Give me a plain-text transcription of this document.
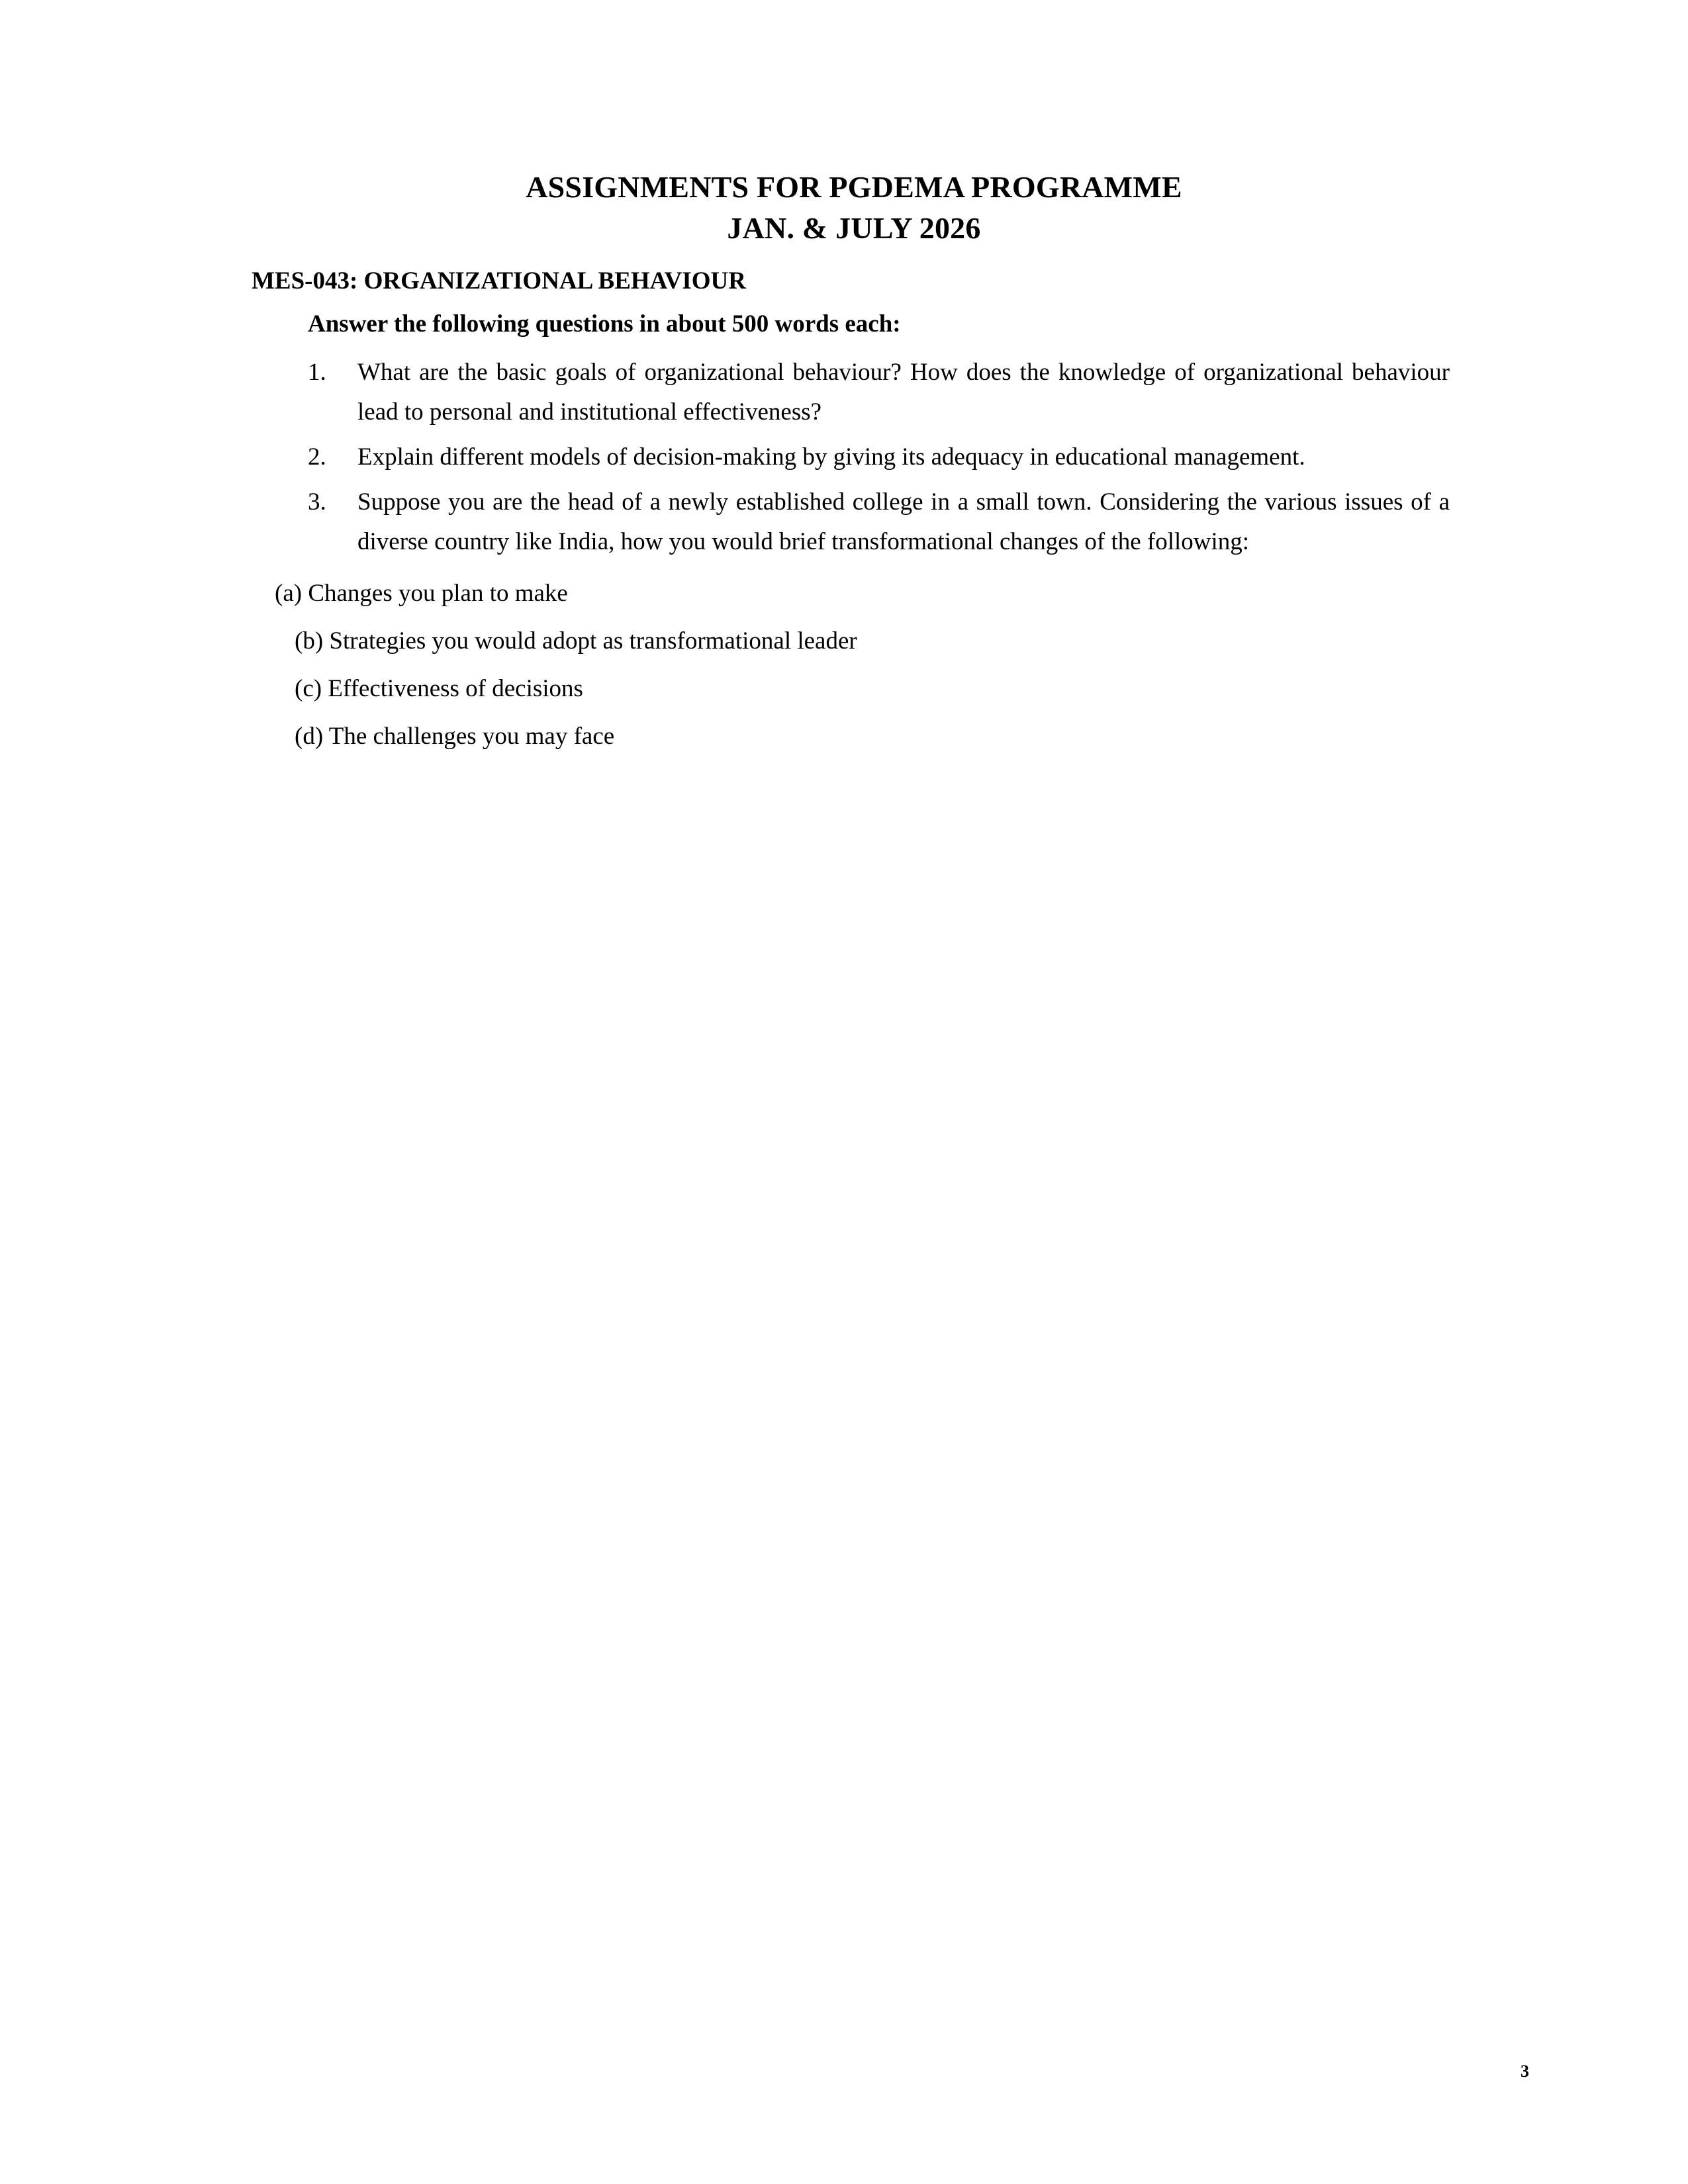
ASSIGNMENTS FOR PGDEMA PROGRAMME
JAN. & JULY 2026
MES-043: ORGANIZATIONAL BEHAVIOUR
Answer the following questions in about 500 words each:
1.	What are the basic goals of organizational behaviour? How does the knowledge of organizational behaviour lead to personal and institutional effectiveness?
2.	Explain different models of decision-making by giving its adequacy in educational management.
3.	Suppose you are the head of a newly established college in a small town. Considering the various issues of a diverse country like India, how you would brief transformational changes of the following:
(a) Changes you plan to make
(b) Strategies you would adopt as transformational leader
(c) Effectiveness of decisions
(d) The challenges you may face
3
